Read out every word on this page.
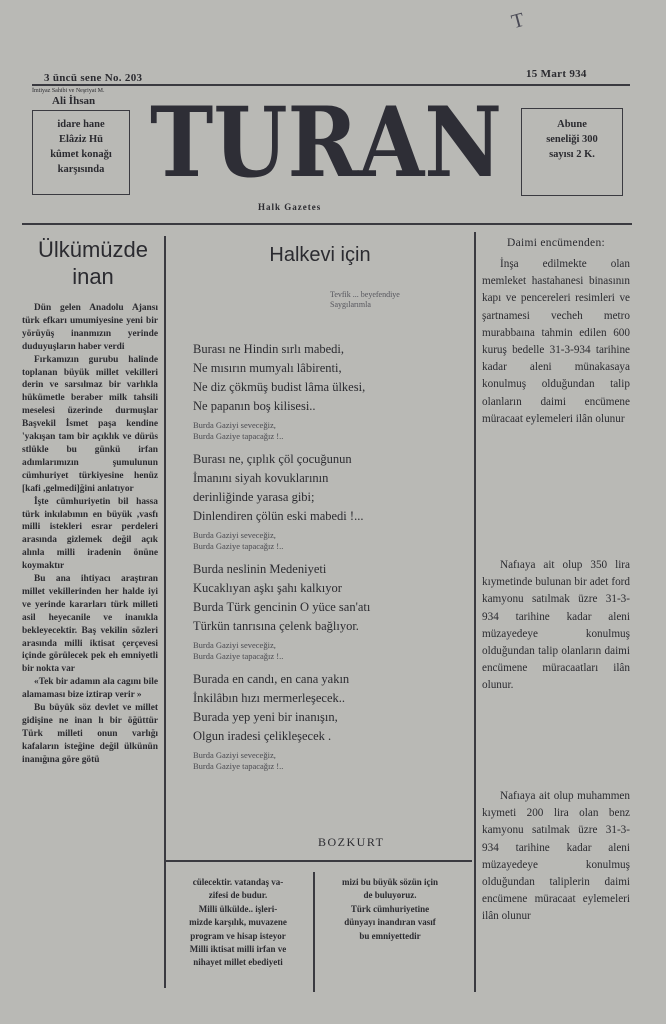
T
3 üncü sene No. 203	15 Mart 934
İmtiyaz Sahibi ve Neşriyat M.
Ali İhsan
idare hane
Elâziz Hü
kûmet konağı
karşısında TURAN	Abune
seneliği 300
sayısı 2 K.
Halk Gazetes
Ülkümüzde
inan

Dün gelen Anadolu Ajansı türk efkarı umumiyesine yeni bir yörüyüş inanmızın yerinde duduyuşların haber verdi

Fırkamızın gurubu halinde toplanan büyük millet vekilleri derin ve sarsılmaz bir varlıkla hükümetle beraber milk tahsili meselesi üzerinde durmuşlar Başvekil İsmet paşa kendine 'yakışan tam bir açıklık ve dürüs stlükle bu günkü irfan adımlarımızın şumulunun cümhuriyet türkiyesine henüz [kafi ,gelmedi]ğini anlatıyor

İşte cümhuriyetin bil hassa türk inkılabının en büyük ,vasfı milli istekleri esrar perdeleri arasında gizlemek değil açık alınla milli iradenin önüne koymaktır

Bu ana ihtiyacı araştıran millet vekillerinden her halde iyi ve yerinde kararları türk milleti asil heyecanile ve inanıkla bekleyecektir. Baş vekilin sözleri arasında milli iktisat çerçevesi içinde görülecek pek eh emniyetli bir nokta var

«Tek bir adamın ala cagını bile alamaması bize iztirap verir »

Bu büyük söz devlet ve millet gidişine ne inan lı bir öğüttür Türk milleti onun varlığı kafaların isteğine değil ülkünün inanığına göre götü

Halkevi için
Tevfik ... beyefendiye
Saygılarımla
Burası ne Hindin sırlı mabedi,
Ne mısırın mumyalı lâbirenti,
Ne diz çökmüş budist lâma ülkesi,
Ne papanın boş kilisesi..
Burda Gaziyi seveceğiz,
Burda Gaziye tapacağız !..
Burası ne, çıplık çöl çocuğunun
İmanını siyah kovuklarının
derinliğinde yarasa gibi;
Dinlendiren çölün eski mabedi !...
Burda Gaziyi seveceğiz,
Burda Gaziye tapacağız !..
Burda neslinin Medeniyeti
Kucaklıyan aşkı şahı kalkıyor
Burda Türk gencinin O yüce san'atı
Türkün tanrısına çelenk bağlıyor.
Burda Gaziyi seveceğiz,
Burda Gaziye tapacağız !..
Burada en candı, en cana yakın
İnkilâbın hızı mermerleşecek..
Burada yep yeni bir inanışın,
Olgun iradesi çelikleşecek .
Burda Gaziyi seveceğiz,
Burda Gaziye tapacağız !..
BOZKURT
cülecektir. vatandaş va-
zifesi de budur.
Milli ülkülde.. işleri-
mizde karşılık, muvazene
program ve hisap isteyor
Milli iktisat milli irfan ve
nihayet millet ebediyeti
mizi bu büyük sözün için
de buluyoruz.
Türk cümhuriyetine
dünyayı inandıran vasıf
bu emniyettedir
Daimi encümenden:

İnşa edilmekte olan memleket hastahanesi binasının kapı ve pencereleri resimleri ve şartnamesi vecheh metro murabbaına tahmin edilen 600 kuruş bedelle 31-3-934 tarihine kadar aleni münakasaya konulmuş olduğundan talip olanların daimi encümene müracaat eylemeleri ilân olunur

Nafıaya ait olup 350 lira kıymetinde bulunan bir adet ford kamyonu satılmak üzre 31-3-934 tarihine kadar aleni müzayedeye konulmuş olduğundan talip olanların daimi encümene müracaatları ilân olunur.

Nafıaya ait olup muhammen kıymeti 200 lira olan benz kamyonu satılmak üzre 31-3-934 tarihine kadar aleni müzayedeye konulmuş olduğundan taliplerin daimi encümene müracaat eylemeleri ilân olunur
